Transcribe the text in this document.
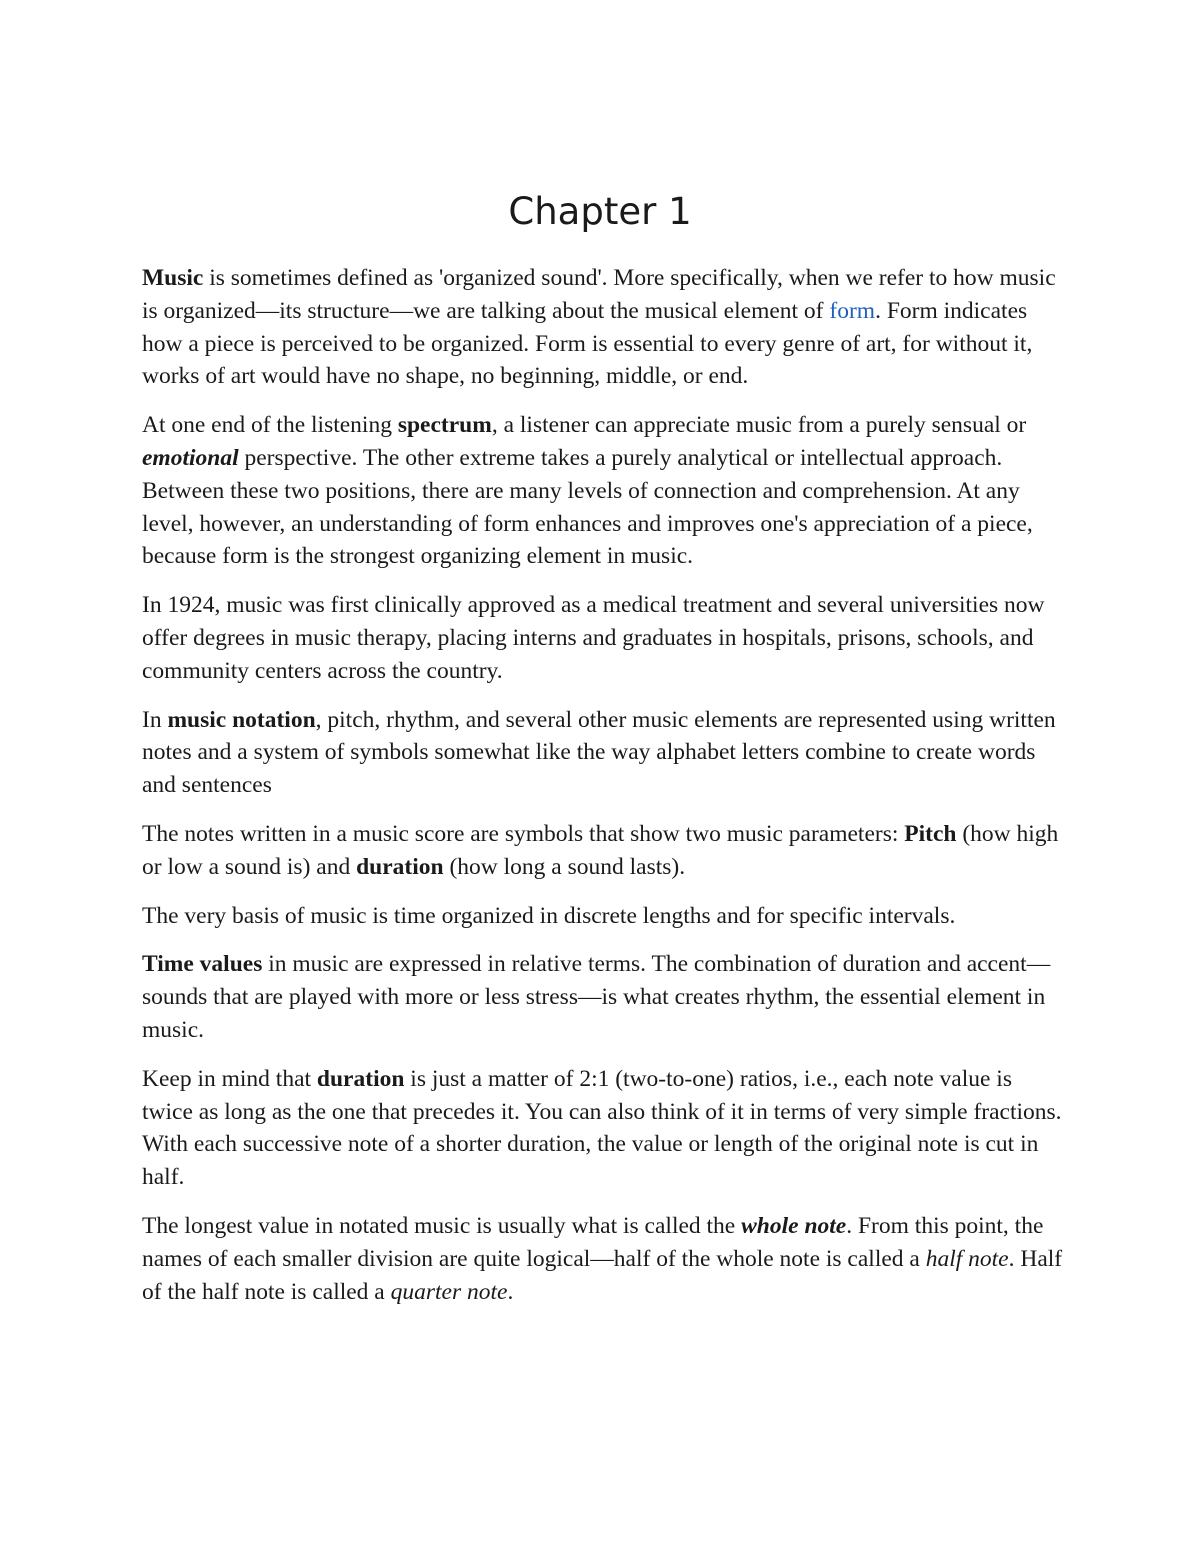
Chapter 1

Music is sometimes defined as 'organized sound'. More specifically, when we refer to how music is organized—its structure—we are talking about the musical element of form. Form indicates how a piece is perceived to be organized. Form is essential to every genre of art, for without it, works of art would have no shape, no beginning, middle, or end.

At one end of the listening spectrum, a listener can appreciate music from a purely sensual or emotional perspective. The other extreme takes a purely analytical or intellectual approach. Between these two positions, there are many levels of connection and comprehension. At any level, however, an understanding of form enhances and improves one's appreciation of a piece, because form is the strongest organizing element in music.

In 1924, music was first clinically approved as a medical treatment and several universities now offer degrees in music therapy, placing interns and graduates in hospitals, prisons, schools, and community centers across the country.

In music notation, pitch, rhythm, and several other music elements are represented using written notes and a system of symbols somewhat like the way alphabet letters combine to create words and sentences

The notes written in a music score are symbols that show two music parameters: Pitch (how high or low a sound is) and duration (how long a sound lasts).

The very basis of music is time organized in discrete lengths and for specific intervals.

Time values in music are expressed in relative terms. The combination of duration and accent—sounds that are played with more or less stress—is what creates rhythm, the essential element in music.

Keep in mind that duration is just a matter of 2:1 (two-to-one) ratios, i.e., each note value is twice as long as the one that precedes it. You can also think of it in terms of very simple fractions. With each successive note of a shorter duration, the value or length of the original note is cut in half.

The longest value in notated music is usually what is called the whole note. From this point, the names of each smaller division are quite logical—half of the whole note is called a half note. Half of the half note is called a quarter note.
